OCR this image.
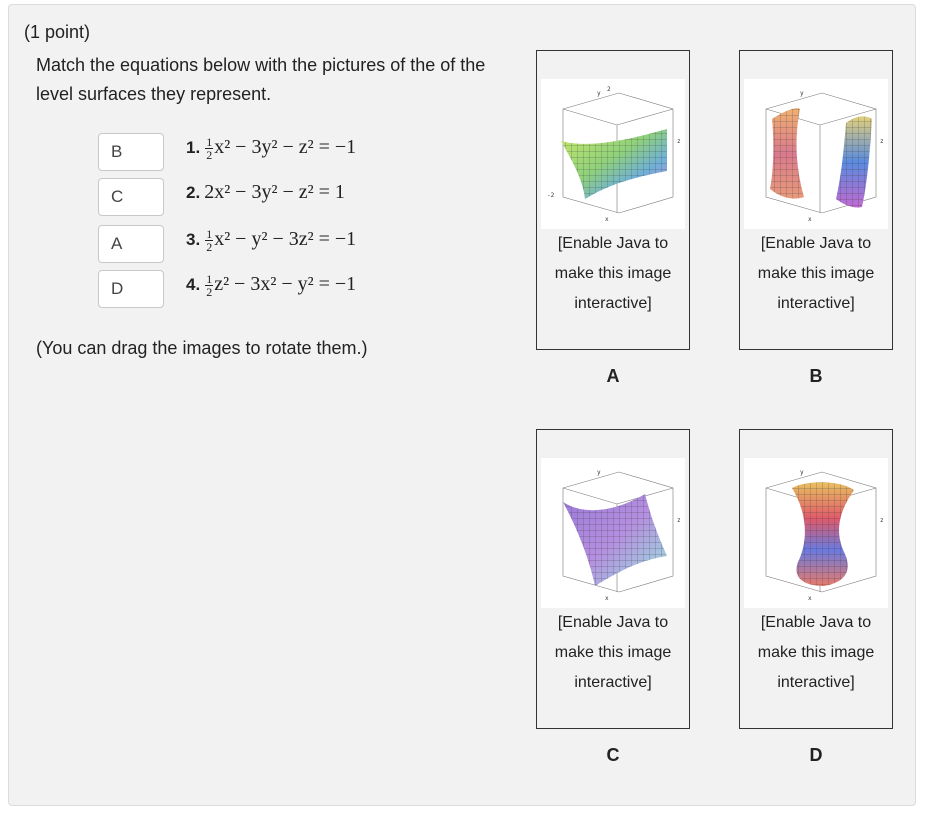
(1 point)
Match the equations below with the pictures of the of the level surfaces they represent.
B
C
A
D
1. $\frac{1}{2} x^2 - 3y^2 - z^2 = -1$
2. 2x² − 3y² − z² = 1
3. $\frac{1}{2} x^2 - y^2 - 3z^2 = -1$
4. $\frac{1}{2} z^2 - 3x^2 - y^2 = -1$
(You can drag the images to rotate them.)
y
2
z
x
-2
[Enable Java to
make this image
interactive]
A
y
z
x
[Enable Java to
make this image
interactive]
B
y
z
x
[Enable Java to
make this image
interactive]
C
y
z
x
[Enable Java to
make this image
interactive]
D
